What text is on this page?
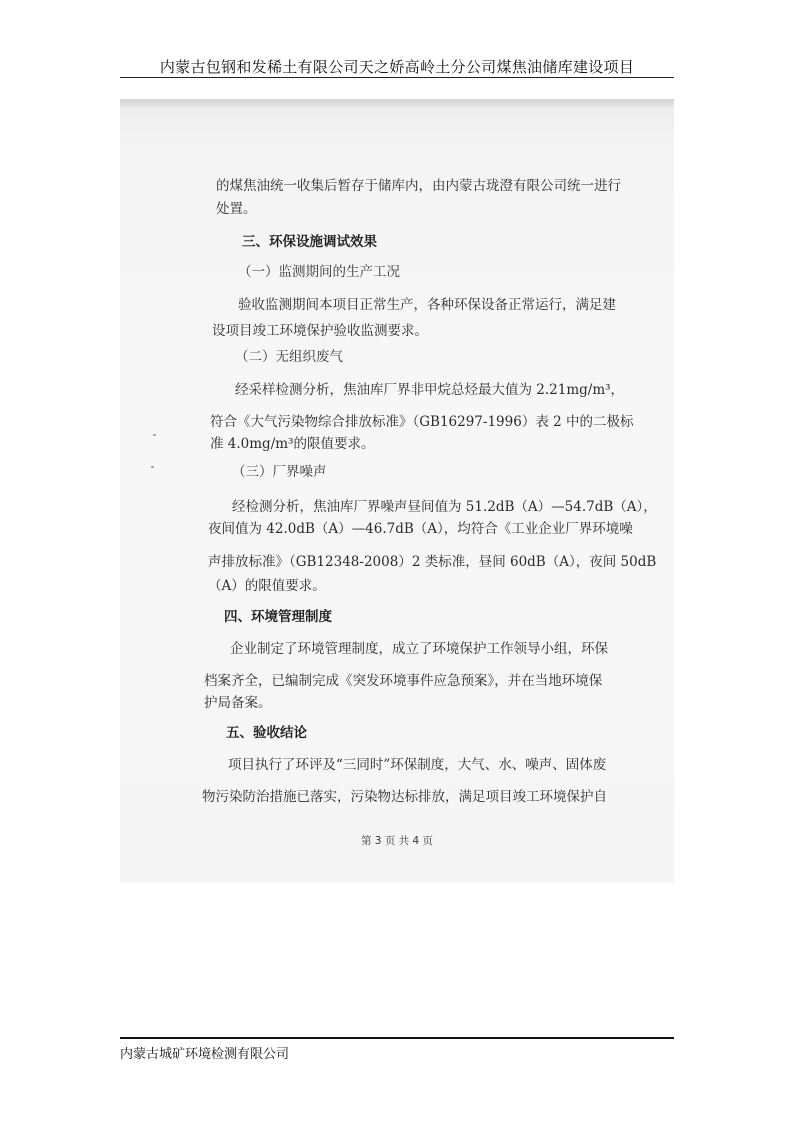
内蒙古包钢和发稀土有限公司天之娇高岭土分公司煤焦油储库建设项目
的煤焦油统一收集后暂存于储库内，由内蒙古珑澄有限公司统一进行
处置。
三、环保设施调试效果
（一）监测期间的生产工况
验收监测期间本项目正常生产，各种环保设备正常运行，满足建
设项目竣工环境保护验收监测要求。
（二）无组织废气
经采样检测分析，焦油库厂界非甲烷总烃最大值为 2.21mg/m³，
符合《大气污染物综合排放标准》（GB16297-1996）表 2 中的二极标
准 4.0mg/m³的限值要求。
（三）厂界噪声
经检测分析，焦油库厂界噪声昼间值为 51.2dB（A）—54.7dB（A），
夜间值为 42.0dB（A）—46.7dB（A），均符合《工业企业厂界环境噪
声排放标准》（GB12348-2008）2 类标准，昼间 60dB（A），夜间 50dB
（A）的限值要求。
四、环境管理制度
企业制定了环境管理制度，成立了环境保护工作领导小组，环保
档案齐全，已编制完成《突发环境事件应急预案》，并在当地环境保
护局备案。
五、验收结论
项目执行了环评及“三同时”环保制度，大气、水、噪声、固体废
物污染防治措施已落实，污染物达标排放，满足项目竣工环境保护自
第 3 页 共 4 页
内蒙古城矿环境检测有限公司
